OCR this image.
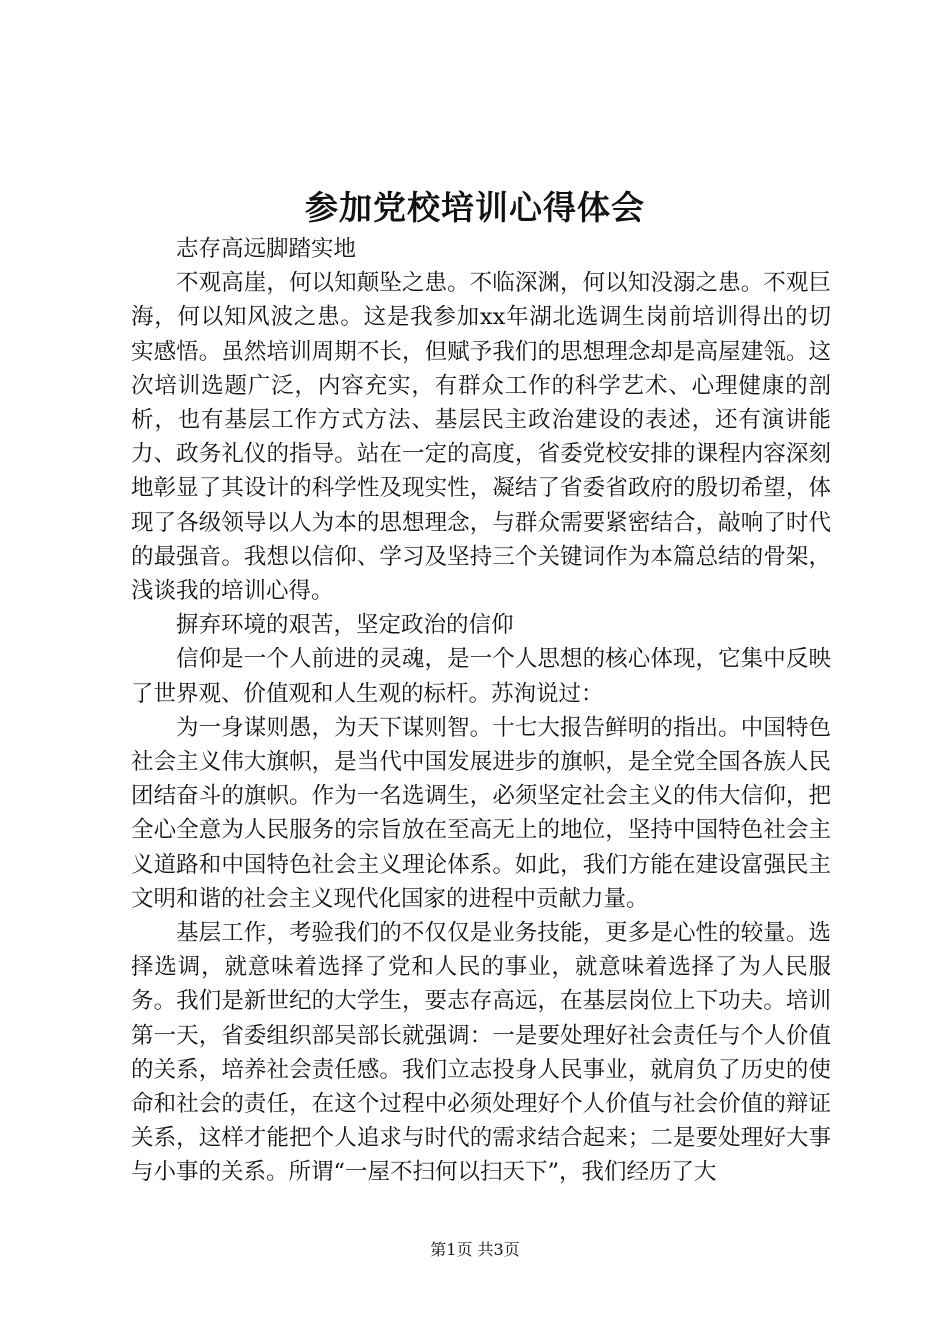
参加党校培训心得体会

志存高远脚踏实地

不观高崖，何以知颠坠之患。不临深渊，何以知没溺之患。不观巨海，何以知风波之患。这是我参加xx年湖北选调生岗前培训得出的切实感悟。虽然培训周期不长，但赋予我们的思想理念却是高屋建瓴。这次培训选题广泛，内容充实，有群众工作的科学艺术、心理健康的剖析，也有基层工作方式方法、基层民主政治建设的表述，还有演讲能力、政务礼仪的指导。站在一定的高度，省委党校安排的课程内容深刻地彰显了其设计的科学性及现实性，凝结了省委省政府的殷切希望，体现了各级领导以人为本的思想理念，与群众需要紧密结合，敲响了时代的最强音。我想以信仰、学习及坚持三个关键词作为本篇总结的骨架，浅谈我的培训心得。

摒弃环境的艰苦，坚定政治的信仰

信仰是一个人前进的灵魂，是一个人思想的核心体现，它集中反映了世界观、价值观和人生观的标杆。苏洵说过：

为一身谋则愚，为天下谋则智。十七大报告鲜明的指出。中国特色社会主义伟大旗帜，是当代中国发展进步的旗帜，是全党全国各族人民团结奋斗的旗帜。作为一名选调生，必须坚定社会主义的伟大信仰，把全心全意为人民服务的宗旨放在至高无上的地位，坚持中国特色社会主义道路和中国特色社会主义理论体系。如此，我们方能在建设富强民主文明和谐的社会主义现代化国家的进程中贡献力量。

基层工作，考验我们的不仅仅是业务技能，更多是心性的较量。选择选调，就意味着选择了党和人民的事业，就意味着选择了为人民服务。我们是新世纪的大学生，要志存高远，在基层岗位上下功夫。培训第一天，省委组织部吴部长就强调：一是要处理好社会责任与个人价值的关系，培养社会责任感。我们立志投身人民事业，就肩负了历史的使命和社会的责任，在这个过程中必须处理好个人价值与社会价值的辩证关系，这样才能把个人追求与时代的需求结合起来；二是要处理好大事与小事的关系。所谓“一屋不扫何以扫天下”，我们经历了大

第1页 共3页
